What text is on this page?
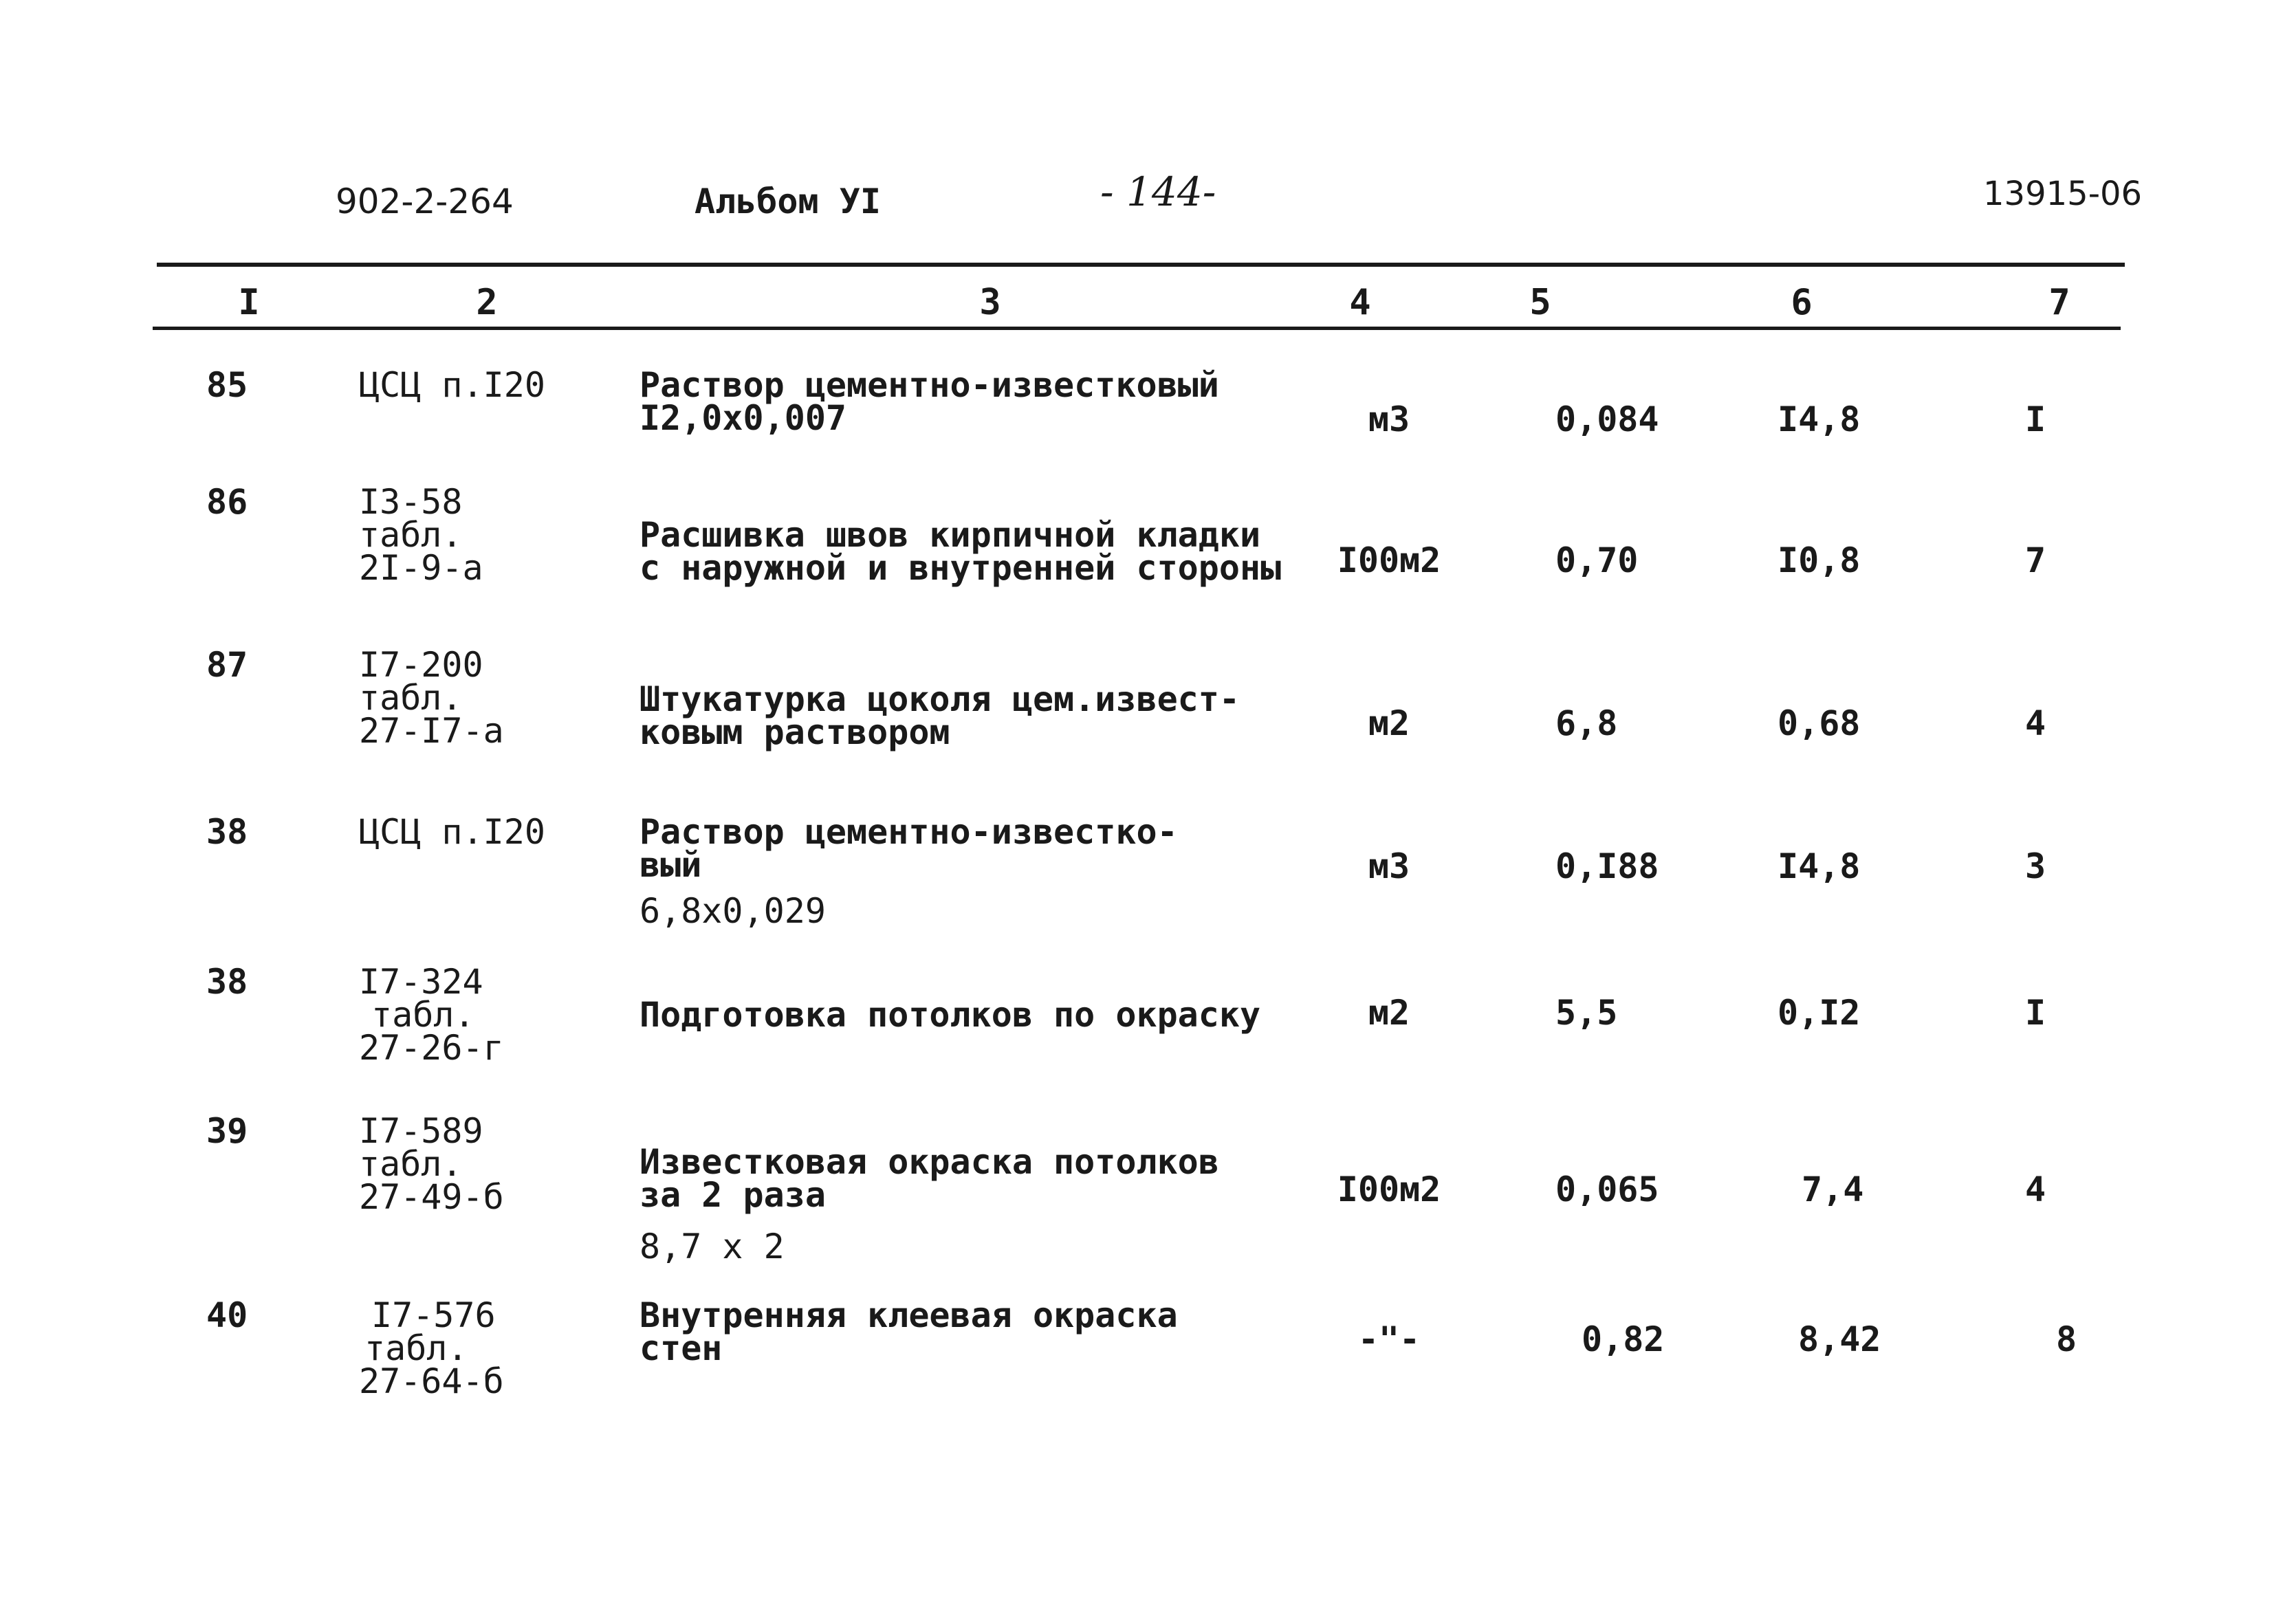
902-2-264	Альбом УI	- 144-	13915-06
I	2	3	4	5	6	7
85	ЦСЦ п.I20	Раствор цементно-известковый
I2,0x0,007	м3	0,084	I4,8	I
86	I3-58
табл.
2I-9-а
Расшивка швов кирпичной кладки
с наружной и внутренней стороны I00м2	0,70	I0,8	7
87	I7-200
табл.
27-I7-а
Штукатурка цоколя цем.извест-
ковым раствором	м2	6,8	0,68	4
38	ЦСЦ п.I20	Раствор цементно-известко-
вый
6,8x0,029
м3	0,I88	I4,8	3
38	I7-324
табл.
27-26-г
Подготовка потолков по окраску	м2	5,5	0,I2	I
39	I7-589
табл.
27-49-б
Известковая окраска потолков
за 2 раза
8,7 x 2
I00м2	0,065	7,4	4
40	I7-576
табл.
27-64-б
Внутренняя клеевая окраска
стен	-"-	0,82	8,42	8
